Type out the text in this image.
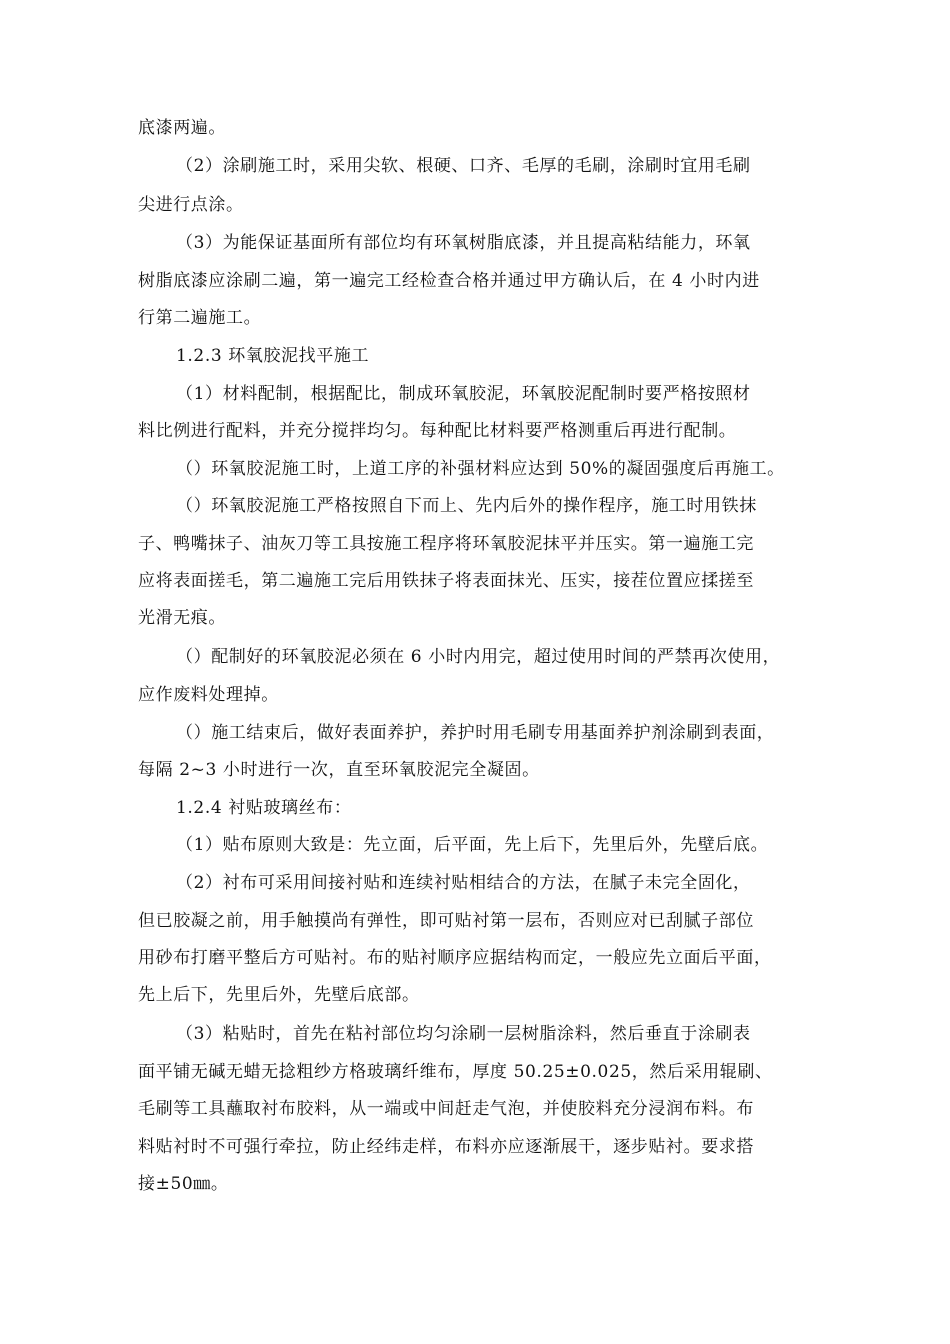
底漆两遍。
（2）涂刷施工时，采用尖软、根硬、口齐、毛厚的毛刷，涂刷时宜用毛刷
尖进行点涂。
（3）为能保证基面所有部位均有环氧树脂底漆，并且提高粘结能力，环氧
树脂底漆应涂刷二遍，第一遍完工经检查合格并通过甲方确认后，在 4 小时内进
行第二遍施工。
1.2.3 环氧胶泥找平施工
（1）材料配制，根据配比，制成环氧胶泥，环氧胶泥配制时要严格按照材
料比例进行配料，并充分搅拌均匀。每种配比材料要严格测重后再进行配制。
（）环氧胶泥施工时，上道工序的补强材料应达到 50%的凝固强度后再施工。
（）环氧胶泥施工严格按照自下而上、先内后外的操作程序，施工时用铁抹
子、鸭嘴抹子、油灰刀等工具按施工程序将环氧胶泥抹平并压实。第一遍施工完
应将表面搓毛，第二遍施工完后用铁抹子将表面抹光、压实，接茬位置应揉搓至
光滑无痕。
（）配制好的环氧胶泥必须在 6 小时内用完，超过使用时间的严禁再次使用，
应作废料处理掉。
（）施工结束后，做好表面养护，养护时用毛刷专用基面养护剂涂刷到表面，
每隔 2~3 小时进行一次，直至环氧胶泥完全凝固。
1.2.4 衬贴玻璃丝布：
（1）贴布原则大致是：先立面，后平面，先上后下，先里后外，先壁后底。
（2）衬布可采用间接衬贴和连续衬贴相结合的方法，在腻子未完全固化，
但已胶凝之前，用手触摸尚有弹性，即可贴衬第一层布，否则应对已刮腻子部位
用砂布打磨平整后方可贴衬。布的贴衬顺序应据结构而定，一般应先立面后平面，
先上后下，先里后外，先壁后底部。
（3）粘贴时，首先在粘衬部位均匀涂刷一层树脂涂料，然后垂直于涂刷表
面平铺无碱无蜡无捻粗纱方格玻璃纤维布，厚度 50.25±0.025，然后采用辊刷、
毛刷等工具蘸取衬布胶料，从一端或中间赶走气泡，并使胶料充分浸润布料。布
料贴衬时不可强行牵拉，防止经纬走样，布料亦应逐渐展干，逐步贴衬。要求搭
接±50㎜。
